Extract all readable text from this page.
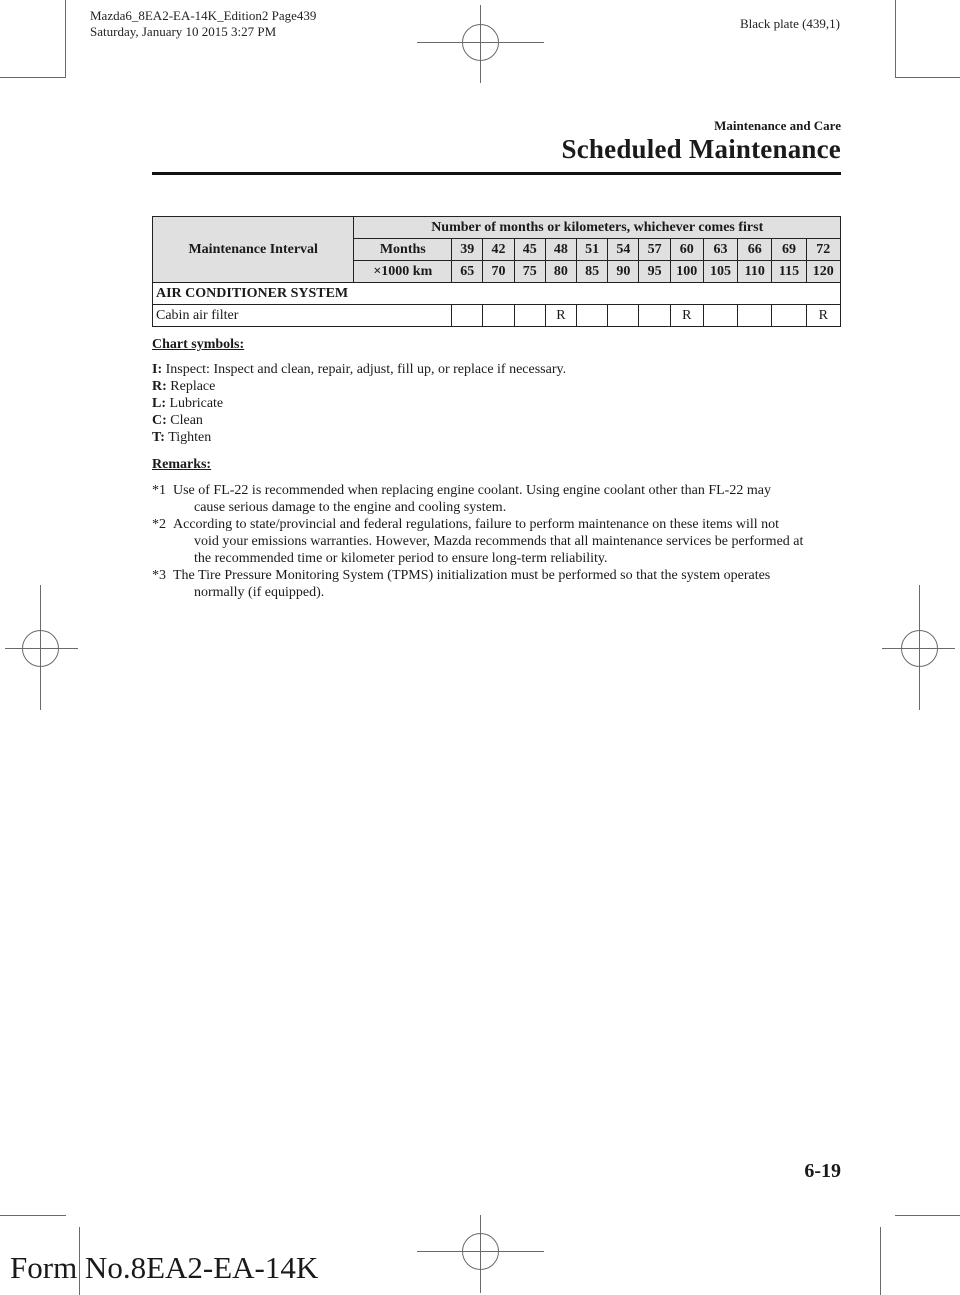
Mazda6_8EA2-EA-14K_Edition2 Page439
Saturday, January 10 2015 3:27 PM
Black plate (439,1)
Maintenance and Care
Scheduled Maintenance
Maintenance Interval	Number of months or kilometers, whichever comes first												
	Months	39	42	45	48	51	54	57	60	63	66	69	72
	×1000 km	65	70	75	80	85	90	95	100	105	110	115	120
AIR CONDITIONER SYSTEM													
Cabin air filter					R				R				R
Chart symbols:
I: Inspect: Inspect and clean, repair, adjust, fill up, or replace if necessary.
R: Replace
L: Lubricate
C: Clean
T: Tighten
Remarks:
*1 Use of FL-22 is recommended when replacing engine coolant. Using engine coolant other than FL-22 may
cause serious damage to the engine and cooling system.
*2 According to state/provincial and federal regulations, failure to perform maintenance on these items will not
void your emissions warranties. However, Mazda recommends that all maintenance services be performed at
the recommended time or kilometer period to ensure long-term reliability.
*3 The Tire Pressure Monitoring System (TPMS) initialization must be performed so that the system operates
normally (if equipped).
6-19
Form No.8EA2-EA-14K
